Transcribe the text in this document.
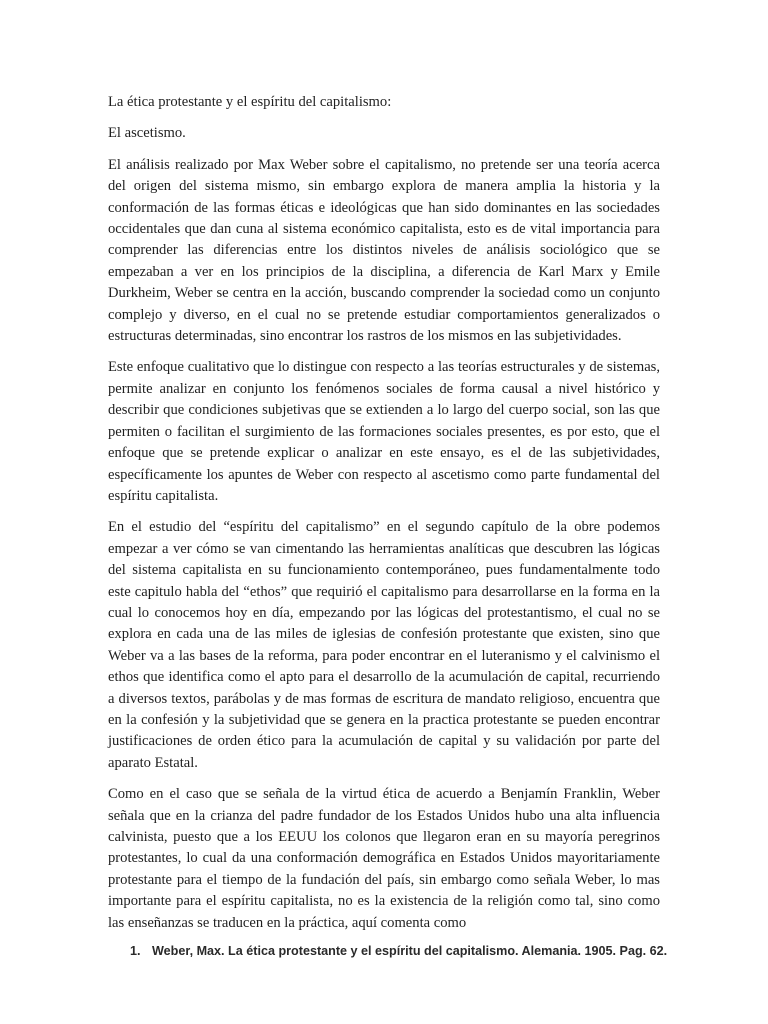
La ética protestante y el espíritu del capitalismo:

El ascetismo.

El análisis realizado por Max Weber sobre el capitalismo, no pretende ser una teoría acerca del origen del sistema mismo, sin embargo explora de manera amplia la historia y la conformación de las formas éticas e ideológicas que han sido dominantes en las sociedades occidentales que dan cuna al sistema económico capitalista, esto es de vital importancia para comprender las diferencias entre los distintos niveles de análisis sociológico que se empezaban a ver en los principios de la disciplina, a diferencia de Karl Marx y Emile Durkheim, Weber se centra en la acción, buscando comprender la sociedad como un conjunto complejo y diverso, en el cual no se pretende estudiar comportamientos generalizados o estructuras determinadas, sino encontrar los rastros de los mismos en las subjetividades.

Este enfoque cualitativo que lo distingue con respecto a las teorías estructurales y de sistemas, permite analizar en conjunto los fenómenos sociales de forma causal a nivel histórico y describir que condiciones subjetivas que se extienden a lo largo del cuerpo social, son las que permiten o facilitan el surgimiento de las formaciones sociales presentes, es por esto, que el enfoque que se pretende explicar o analizar en este ensayo, es el de las subjetividades, específicamente los apuntes de Weber con respecto al ascetismo como parte fundamental del espíritu capitalista.

En el estudio del “espíritu del capitalismo” en el segundo capítulo de la obre podemos empezar a ver cómo se van cimentando las herramientas analíticas que descubren las lógicas del sistema capitalista en su funcionamiento contemporáneo, pues fundamentalmente todo este capitulo habla del “ethos” que requirió el capitalismo para desarrollarse en la forma en la cual lo conocemos hoy en día, empezando por las lógicas del protestantismo, el cual no se explora en cada una de las miles de iglesias de confesión protestante que existen, sino que Weber va a las bases de la reforma, para poder encontrar en el luteranismo y el calvinismo el ethos que identifica como el apto para el desarrollo de la acumulación de capital, recurriendo a diversos textos, parábolas y de mas formas de escritura de mandato religioso, encuentra que en la confesión y la subjetividad que se genera en la practica protestante se pueden encontrar justificaciones de orden ético para la acumulación de capital y su validación por parte del aparato Estatal.

Como en el caso que se señala de la virtud ética de acuerdo a Benjamín Franklin, Weber señala que en la crianza del padre fundador de los Estados Unidos hubo una alta influencia calvinista, puesto que a los EEUU los colonos que llegaron eran en su mayoría peregrinos protestantes, lo cual da una conformación demográfica en Estados Unidos mayoritariamente protestante para el tiempo de la fundación del país, sin embargo como señala Weber, lo mas importante para el espíritu capitalista, no es la existencia de la religión como tal, sino como las enseñanzas se traducen en la práctica, aquí comenta como

1. Weber, Max. La ética protestante y el espíritu del capitalismo. Alemania. 1905. Pag. 62.
